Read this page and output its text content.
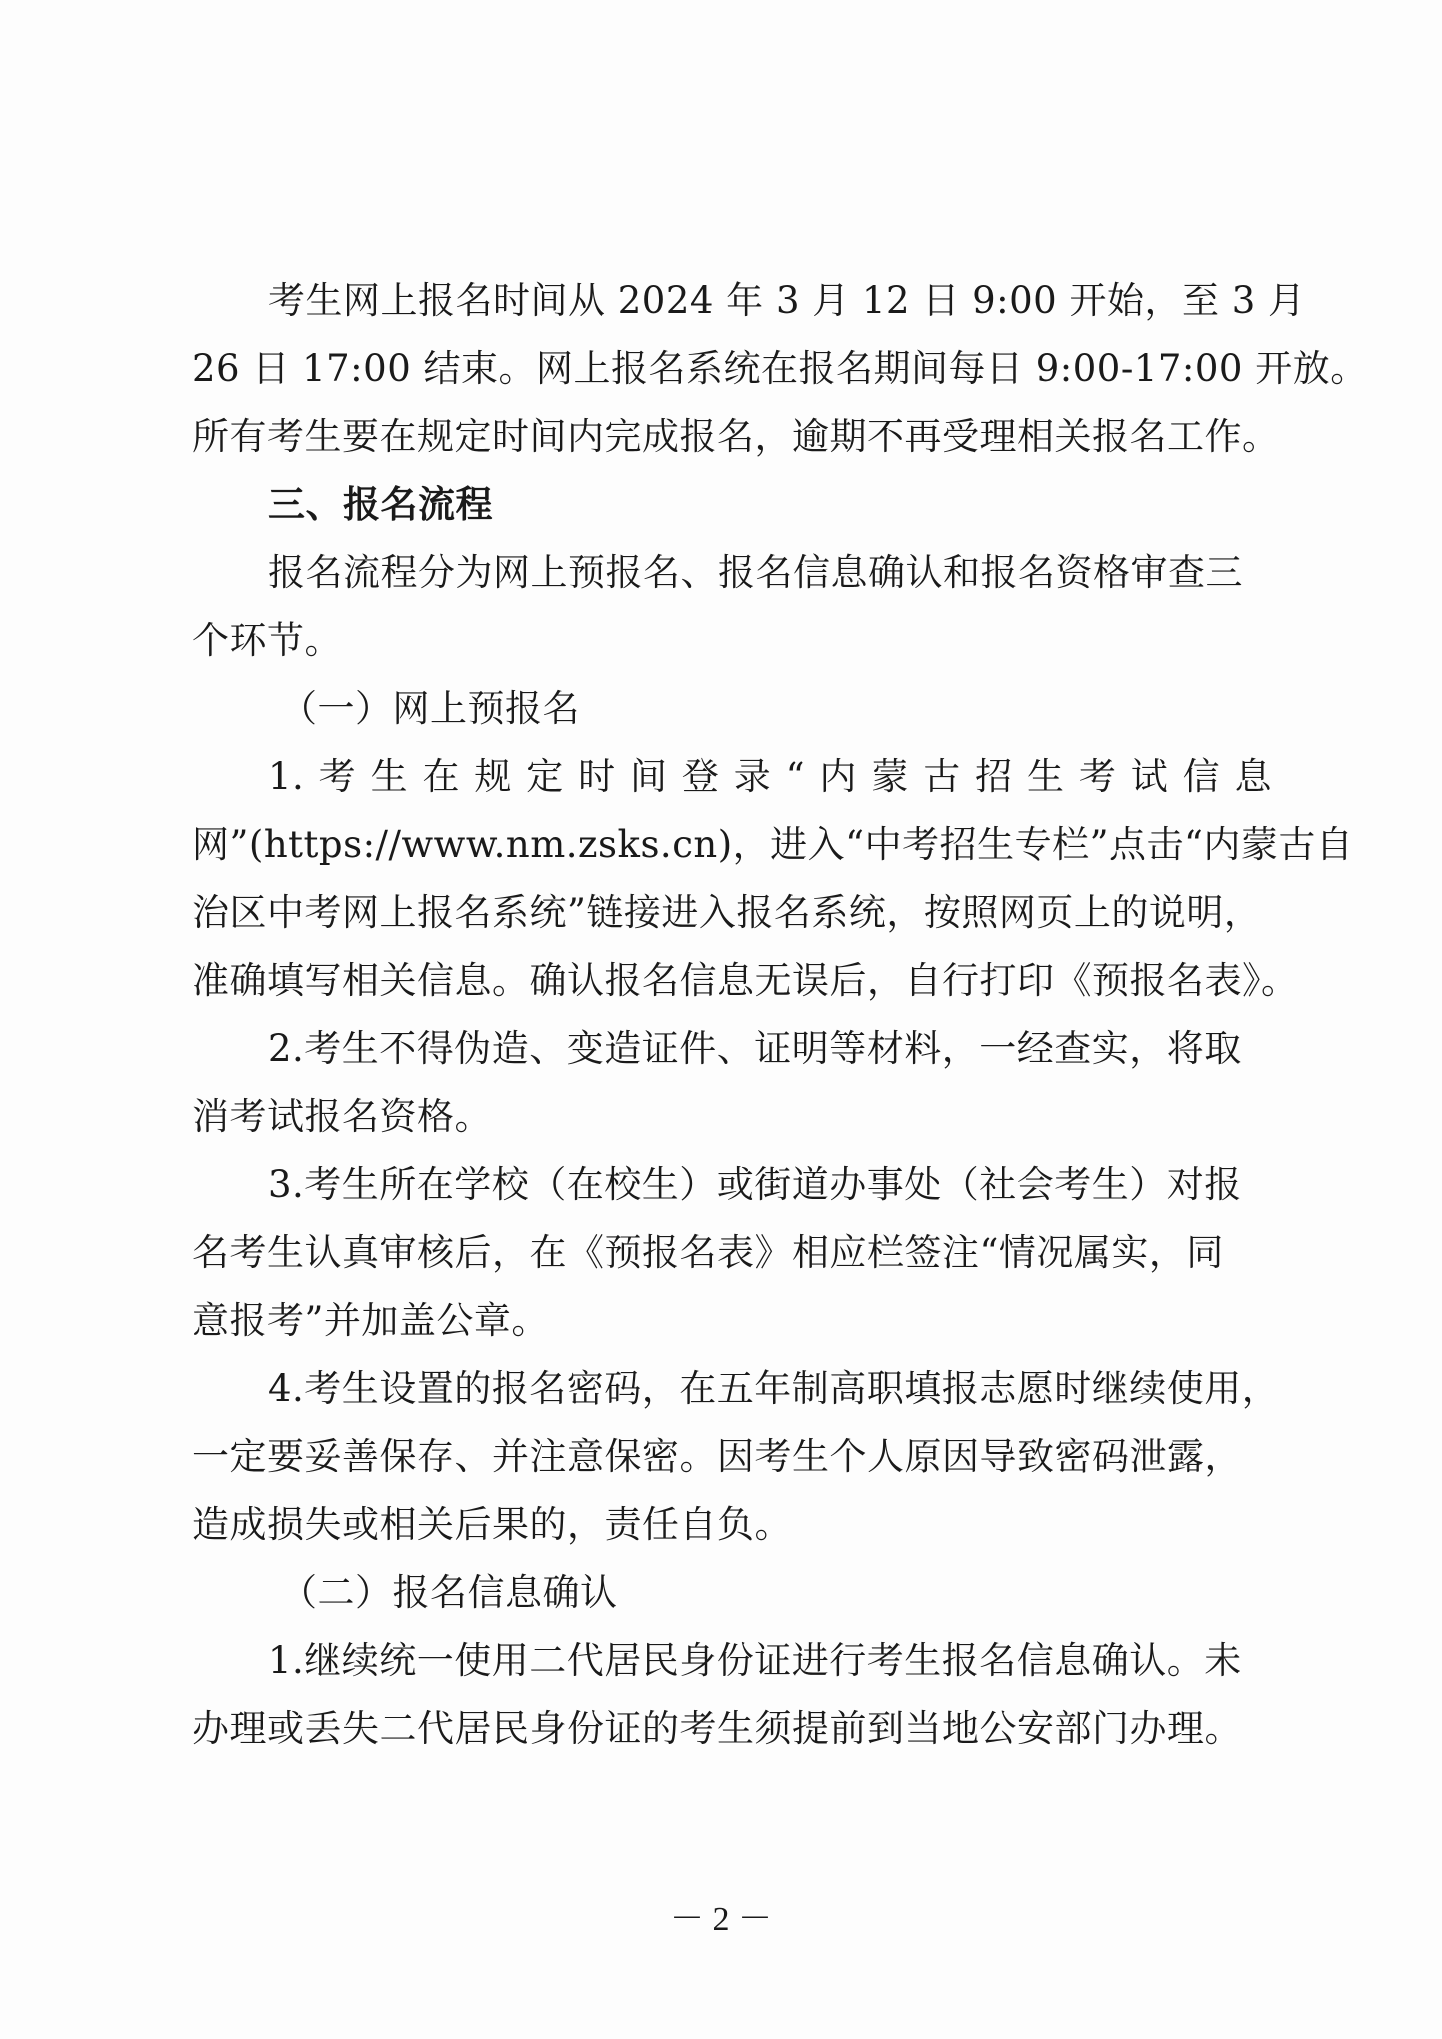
考生网上报名时间从 2024 年 3 月 12 日 9:00 开始，至 3 月
26 日 17:00 结束。网上报名系统在报名期间每日 9:00-17:00 开放。
所有考生要在规定时间内完成报名，逾期不再受理相关报名工作。
三、报名流程
报名流程分为网上预报名、报名信息确认和报名资格审查三
个环节。
（一）网上预报名
1.考生在规定时间登录“内蒙古招生考试信息
网”(https://www.nm.zsks.cn)，进入“中考招生专栏”点击“内蒙古自
治区中考网上报名系统”链接进入报名系统，按照网页上的说明，
准确填写相关信息。确认报名信息无误后，自行打印《预报名表》。
2.考生不得伪造、变造证件、证明等材料，一经查实，将取
消考试报名资格。
3.考生所在学校（在校生）或街道办事处（社会考生）对报
名考生认真审核后，在《预报名表》相应栏签注“情况属实，同
意报考”并加盖公章。
4.考生设置的报名密码，在五年制高职填报志愿时继续使用，
一定要妥善保存、并注意保密。因考生个人原因导致密码泄露，
造成损失或相关后果的，责任自负。
（二）报名信息确认
1.继续统一使用二代居民身份证进行考生报名信息确认。未
办理或丢失二代居民身份证的考生须提前到当地公安部门办理。
－ 2 －
